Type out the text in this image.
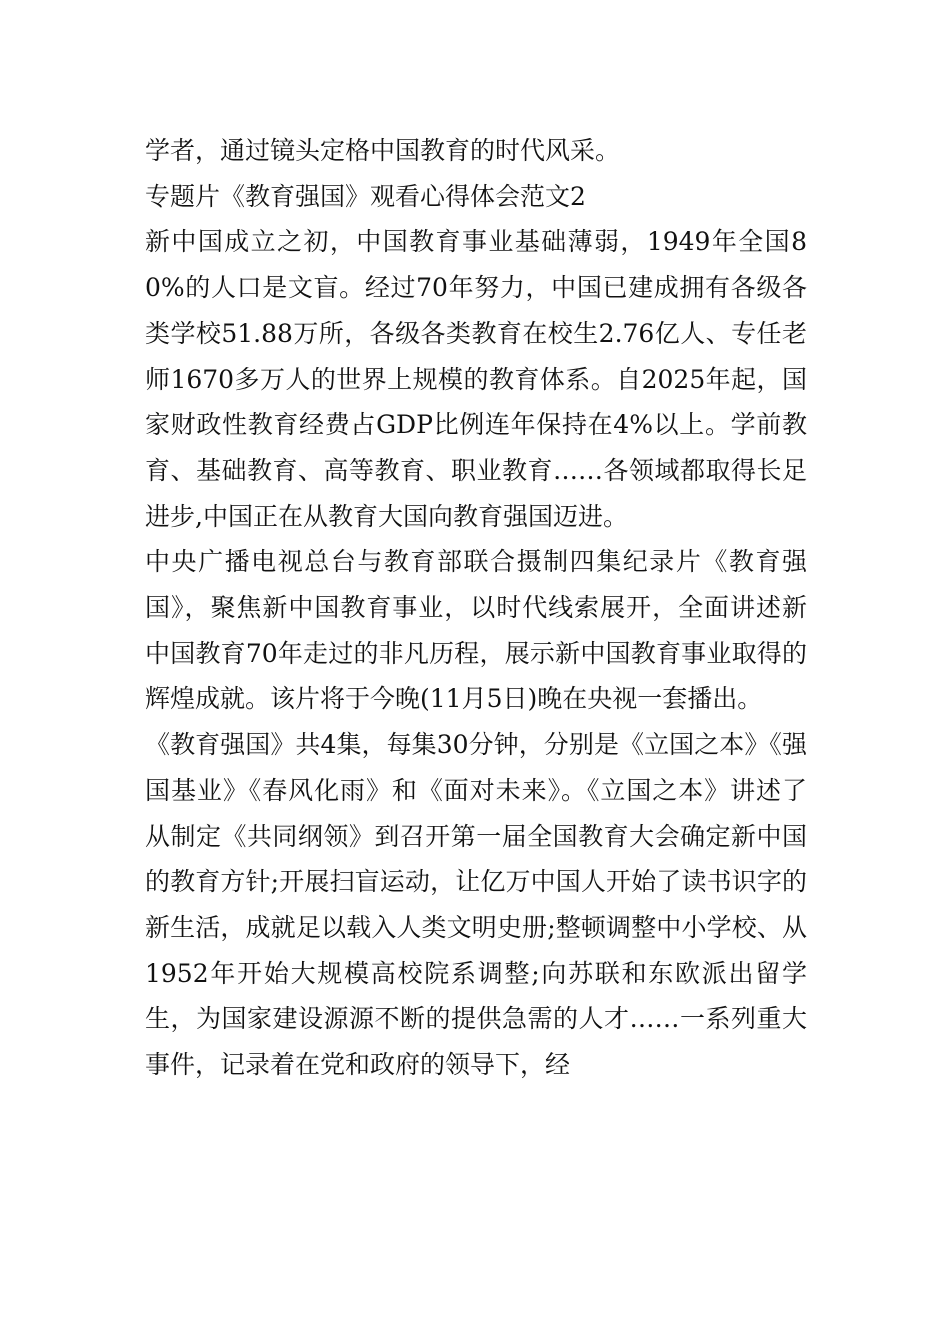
学者，通过镜头定格中国教育的时代风采。

专题片《教育强国》观看心得体会范文2

新中国成立之初，中国教育事业基础薄弱，1949年全国80%的人口是文盲。经过70年努力，中国已建成拥有各级各类学校51.88万所，各级各类教育在校生2.76亿人、专任老师1670多万人的世界上规模的教育体系。自2025年起，国家财政性教育经费占GDP比例连年保持在4%以上。学前教育、基础教育、高等教育、职业教育……各领域都取得长足进步,中国正在从教育大国向教育强国迈进。

中央广播电视总台与教育部联合摄制四集纪录片《教育强国》，聚焦新中国教育事业，以时代线索展开，全面讲述新中国教育70年走过的非凡历程，展示新中国教育事业取得的辉煌成就。该片将于今晚(11月5日)晚在央视一套播出。

《教育强国》共4集，每集30分钟，分别是《立国之本》《强国基业》《春风化雨》和《面对未来》。《立国之本》讲述了从制定《共同纲领》到召开第一届全国教育大会确定新中国的教育方针;开展扫盲运动，让亿万中国人开始了读书识字的新生活，成就足以载入人类文明史册;整顿调整中小学校、从1952年开始大规模高校院系调整;向苏联和东欧派出留学生，为国家建设源源不断的提供急需的人才……一系列重大事件，记录着在党和政府的领导下，经
